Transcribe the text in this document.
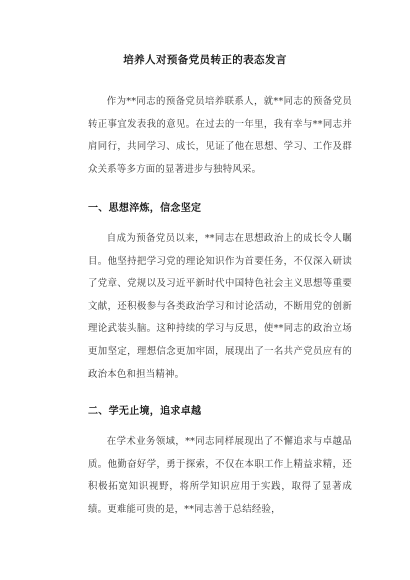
培养人对预备党员转正的表态发言

作为**同志的预备党员培养联系人，就**同志的预备党员转正事宜发表我的意见。在过去的一年里，我有幸与**同志并肩同行，共同学习、成长，见证了他在思想、学习、工作及群众关系等多方面的显著进步与独特风采。

一、思想淬炼，信念坚定

自成为预备党员以来，**同志在思想政治上的成长令人瞩目。他坚持把学习党的理论知识作为首要任务，不仅深入研读了党章、党规以及习近平新时代中国特色社会主义思想等重要文献，还积极参与各类政治学习和讨论活动，不断用党的创新理论武装头脑。这种持续的学习与反思，使**同志的政治立场更加坚定，理想信念更加牢固，展现出了一名共产党员应有的政治本色和担当精神。

二、学无止境，追求卓越

在学术业务领域，**同志同样展现出了不懈追求与卓越品质。他勤奋好学，勇于探索，不仅在本职工作上精益求精，还积极拓宽知识视野，将所学知识应用于实践，取得了显著成绩。更难能可贵的是，**同志善于总结经验，
